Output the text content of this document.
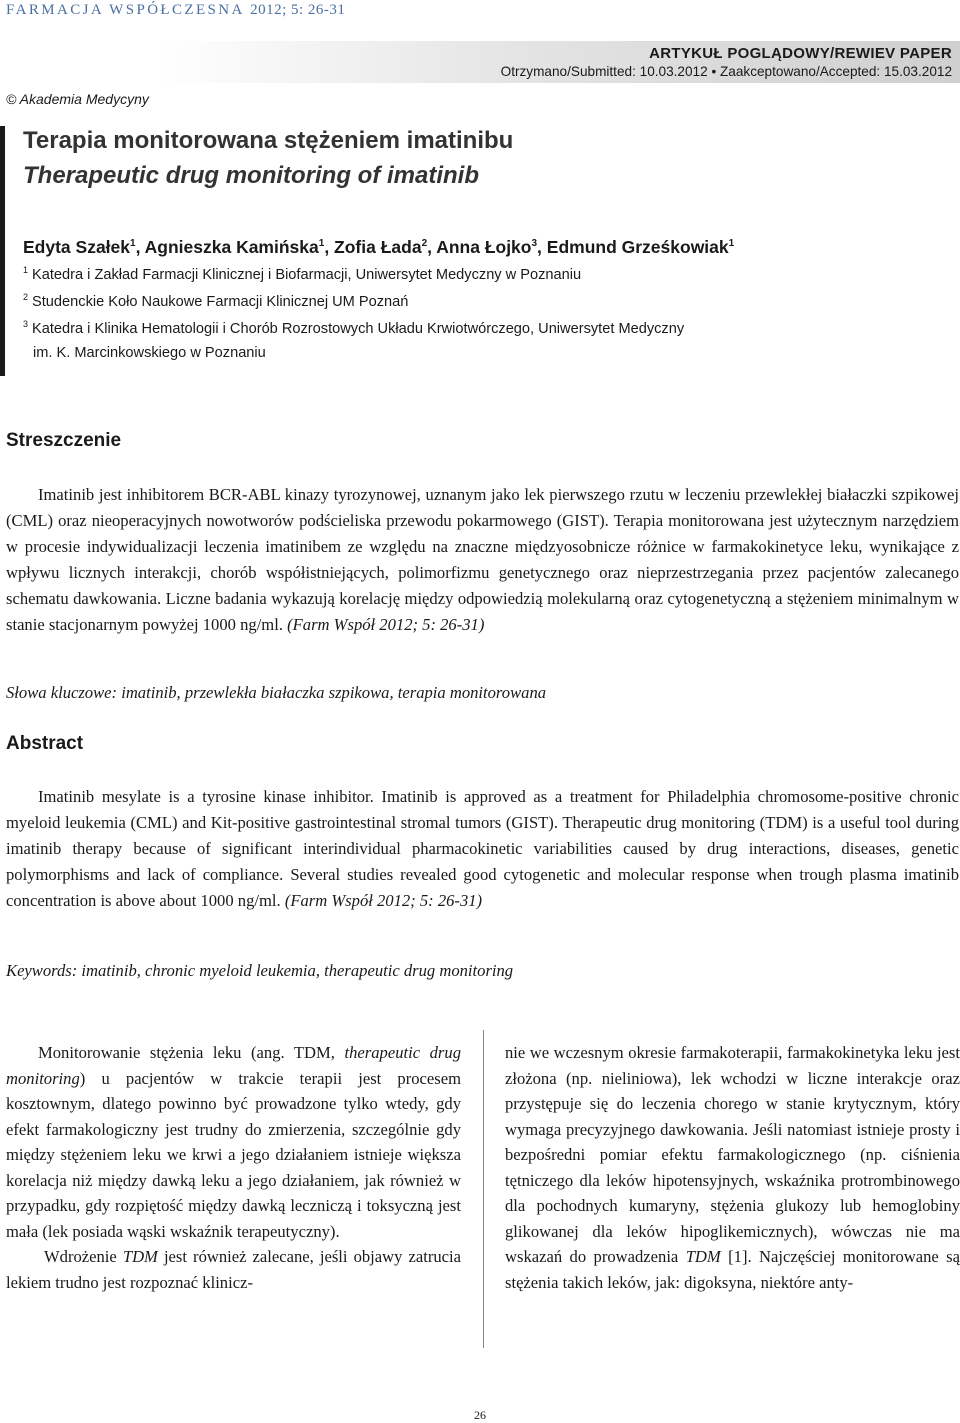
FARMACJA WSPÓŁCZESNA 2012; 5: 26-31
ARTYKUŁ POGLĄDOWY/REWIEV PAPER
Otrzymano/Submitted: 10.03.2012 • Zaakceptowano/Accepted: 15.03.2012
© Akademia Medycyny
Terapia monitorowana stężeniem imatinibu
Therapeutic drug monitoring of imatinib
Edyta Szałek$^1$, Agnieszka Kamińska$^1$, Zofia Łada$^2$, Anna Łojko$^3$, Edmund Grześkowiak$^1$
$^1$ Katedra i Zakład Farmacji Klinicznej i Biofarmacji, Uniwersytet Medyczny w Poznaniu
$^2$ Studenckie Koło Naukowe Farmacji Klinicznej UM Poznań
$^3$ Katedra i Klinika Hematologii i Chorób Rozrostowych Układu Krwiotwórczego, Uniwersytet Medyczny
im. K. Marcinkowskiego w Poznaniu
Streszczenie

Imatinib jest inhibitorem BCR-ABL kinazy tyrozynowej, uznanym jako lek pierwszego rzutu w leczeniu przewlekłej białaczki szpikowej (CML) oraz nieoperacyjnych nowotworów podścieliska przewodu pokarmowego (GIST). Terapia monitorowana jest użytecznym narzędziem w procesie indywidualizacji leczenia imatinibem ze względu na znaczne międzyosobnicze różnice w farmakokinetyce leku, wynikające z wpływu licznych interakcji, chorób współistniejących, polimorfizmu genetycznego oraz nieprzestrzegania przez pacjentów zalecanego schematu dawkowania. Liczne badania wykazują korelację między odpowiedzią molekularną oraz cytogenetyczną a stężeniem minimalnym w stanie stacjonarnym powyżej 1000 ng/ml. (Farm Współ 2012; 5: 26-31)

Słowa kluczowe: imatinib, przewlekła białaczka szpikowa, terapia monitorowana
Abstract

Imatinib mesylate is a tyrosine kinase inhibitor. Imatinib is approved as a treatment for Philadelphia chromosome-positive chronic myeloid leukemia (CML) and Kit-positive gastrointestinal stromal tumors (GIST). Therapeutic drug monitoring (TDM) is a useful tool during imatinib therapy because of significant interindividual pharmacokinetic variabilities caused by drug interactions, diseases, genetic polymorphisms and lack of compliance. Several studies revealed good cytogenetic and molecular response when trough plasma imatinib concentration is above about 1000 ng/ml. (Farm Współ 2012; 5: 26-31)

Keywords: imatinib, chronic myeloid leukemia, therapeutic drug monitoring

Monitorowanie stężenia leku (ang. TDM, therapeutic drug monitoring) u pacjentów w trakcie terapii jest procesem kosztownym, dlatego powinno być prowadzone tylko wtedy, gdy efekt farmakologiczny jest trudny do zmierzenia, szczególnie gdy między stężeniem leku we krwi a jego działaniem istnieje większa korelacja niż między dawką leku a jego działaniem, jak również w przypadku, gdy rozpiętość między dawką leczniczą i toksyczną jest mała (lek posiada wąski wskaźnik terapeutyczny).

Wdrożenie TDM jest również zalecane, jeśli objawy zatrucia lekiem trudno jest rozpoznać klinicz-

nie we wczesnym okresie farmakoterapii, farmakokinetyka leku jest złożona (np. nieliniowa), lek wchodzi w liczne interakcje oraz przystępuje się do leczenia chorego w stanie krytycznym, który wymaga precyzyjnego dawkowania. Jeśli natomiast istnieje prosty i bezpośredni pomiar efektu farmakologicznego (np. ciśnienia tętniczego dla leków hipotensyjnych, wskaźnika protrombinowego dla pochodnych kumaryny, stężenia glukozy lub hemoglobiny glikowanej dla leków hipoglikemicznych), wówczas nie ma wskazań do prowadzenia TDM [1]. Najczęściej monitorowane są stężenia takich leków, jak: digoksyna, niektóre anty-

26
